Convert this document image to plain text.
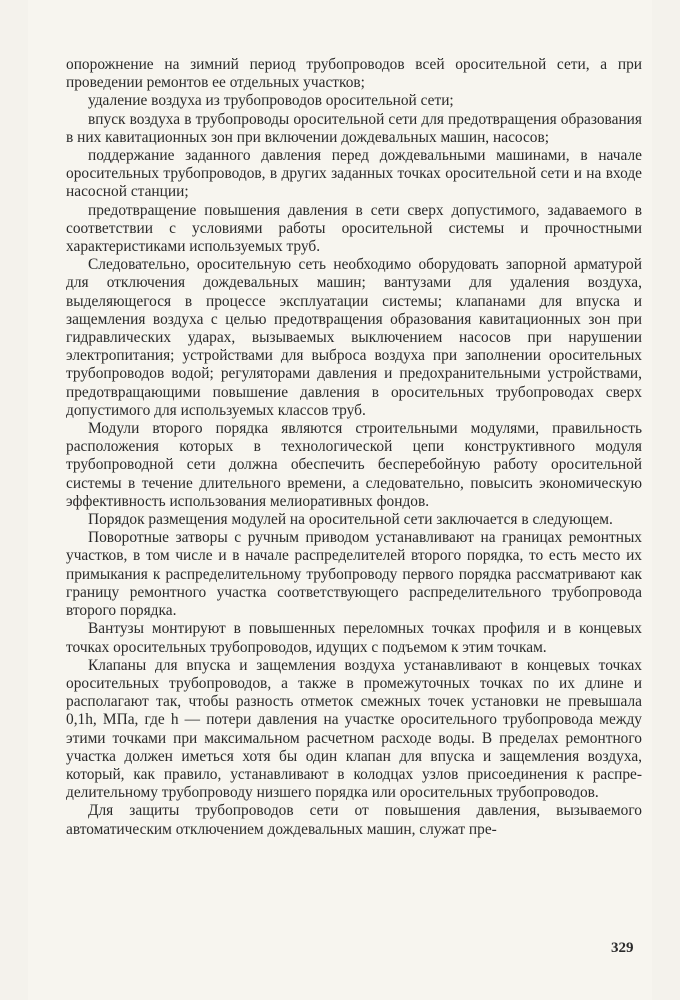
опорожнение на зимний период трубопроводов всей оросительной сети, а при проведении ремонтов ее отдельных участков;

удаление воздуха из трубопроводов оросительной сети;

впуск воздуха в трубопроводы оросительной сети для предотвращения образования в них кавитационных зон при включении дождевальных машин, насосов;

поддержание заданного давления перед дождевальными машинами, в начале оросительных трубопроводов, в других заданных точках оросительной сети и на входе насосной станции;

предотвращение повышения давления в сети сверх допустимого, задаваемого в соответствии с условиями работы оросительной системы и прочностными характеристиками используемых труб.

Следовательно, оросительную сеть необходимо оборудовать запорной арматурой для отключения дождевальных машин; вантузами для удаления воздуха, выделяющегося в процессе эксплуатации системы; клапанами для впуска и защемления воздуха с целью предотвращения образования кавитационных зон при гидравлических ударах, вызываемых выключением насосов при нарушении электропитания; устройствами для выброса воздуха при заполнении оросительных трубопроводов водой; регуляторами давления и предохранительными устройствами, предотвращающими повышение давления в оросительных трубопроводах сверх допустимого для используемых классов труб.

Модули второго порядка являются строительными модулями, правильность расположения которых в технологической цепи конструктивного модуля трубопроводной сети должна обеспечить бесперебойную работу оросительной системы в течение длительного времени, а следовательно, повысить экономическую эффективность использования мелиоративных фондов.

Порядок размещения модулей на оросительной сети заключается в следующем.

Поворотные затворы с ручным приводом устанавливают на границах ремонтных участков, в том числе и в начале распределителей второго порядка, то есть место их примыкания к распределительному трубопроводу первого порядка рассматривают как границу ремонтного участка соответствующего распределительного трубопровода второго порядка.

Вантузы монтируют в повышенных переломных точках профиля и в концевых точках оросительных трубопроводов, идущих с подъемом к этим точкам.

Клапаны для впуска и защемления воздуха устанавливают в концевых точках оросительных трубопроводов, а также в промежуточных точках по их длине и располагают так, чтобы разность отметок смежных точек установки не превышала 0,1h, МПа, где h — потери давления на участке оросительного трубопровода между этими точками при максимальном расчетном расходе воды. В пределах ремонтного участка должен иметься хотя бы один клапан для впуска и защемления воздуха, который, как правило, устанавливают в колодцах узлов присоединения к распределительному трубопроводу низшего порядка или оросительных трубопроводов.

Для защиты трубопроводов сети от повышения давления, вызываемого автоматическим отключением дождевальных машин, служат пре-

329
